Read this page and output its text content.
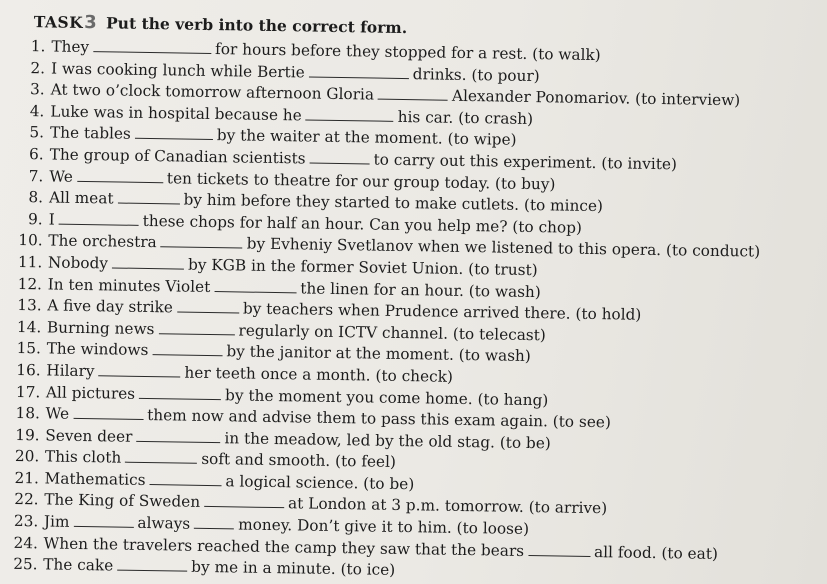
TASK3 Put the verb into the correct form.
1. They	for hours before they stopped for a rest. (to walk)
2. I was cooking lunch while Bertie	drinks. (to pour)
3. At two o’clock tomorrow afternoon Gloria	Alexander Ponomariov. (to interview)
4. Luke was in hospital because he	his car. (to crash)
5. The tables	by the waiter at the moment. (to wipe)
6. The group of Canadian scientists	to carry out this experiment. (to invite)
7. We	ten tickets to theatre for our group today. (to buy)
8. All meat	by him before they started to make cutlets. (to mince)
9. I	these chops for half an hour. Can you help me? (to chop)
10. The orchestra	by Evheniy Svetlanov when we listened to this opera. (to conduct)
11. Nobody	by KGB in the former Soviet Union. (to trust)
12. In ten minutes Violet	the linen for an hour. (to wash)
13. A five day strike	by teachers when Prudence arrived there. (to hold)
14. Burning news	regularly on ICTV channel. (to telecast)
15. The windows	by the janitor at the moment. (to wash)
16. Hilary	her teeth once a month. (to check)
17. All pictures	by the moment you come home. (to hang)
18. We	them now and advise them to pass this exam again. (to see)
19. Seven deer	in the meadow, led by the old stag. (to be)
20. This cloth	soft and smooth. (to feel)
21. Mathematics	a logical science. (to be)
22. The King of Sweden	at London at 3 p.m. tomorrow. (to arrive)
23. Jim	always	money. Don’t give it to him. (to loose)
24. When the travelers reached the camp they saw that the bears	all food. (to eat)
25. The cake	by me in a minute. (to ice)
